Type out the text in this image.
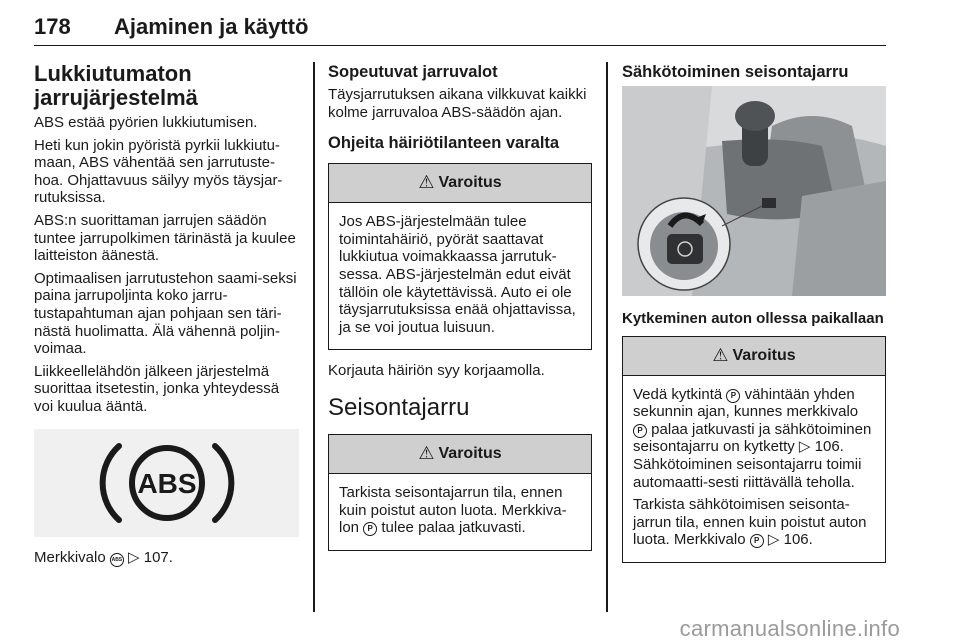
178 Ajaminen ja käyttö
Lukkiutumaton jarrujärjestelmä

ABS estää pyörien lukkiutumisen.

Heti kun jokin pyöristä pyrkii lukkiutu-maan, ABS vähentää sen jarrutuste-hoa. Ohjattavuus säilyy myös täysjar-rutuksissa.

ABS:n suorittaman jarrujen säädön tuntee jarrupolkimen tärinästä ja kuulee laitteiston äänestä.

Optimaalisen jarrutustehon saami-seksi paina jarrupoljinta koko jarru-tustapahtuman ajan pohjaan sen täri-nästä huolimatta. Älä vähennä poljin-voimaa.

Liikkeellelähdön jälkeen järjestelmä suorittaa itsetestin, jonka yhteydessä voi kuulua ääntä.

ABS

Merkkivalo ABS ▷ 107.

Sopeutuvat jarruvalot

Täysjarrutuksen aikana vilkkuvat kaikki kolme jarruvaloa ABS-säädön ajan.

Ohjeita häiriötilanteen varalta
⚠ Varoitus

Jos ABS-järjestelmään tulee toimintahäiriö, pyörät saattavat lukkiutua voimakkaassa jarrutuk-sessa. ABS-järjestelmän edut eivät tällöin ole käytettävissä. Auto ei ole täysjarrutuksissa enää ohjattavissa, ja se voi joutua luisuun.

Korjauta häiriön syy korjaamolla.

Seisontajarru
⚠ Varoitus

Tarkista seisontajarrun tila, ennen kuin poistut auton luota. Merkkiva-lon P tulee palaa jatkuvasti.

Sähkötoiminen seisontajarru
Kytkeminen auton ollessa paikallaan
⚠ Varoitus

Vedä kytkintä P vähintään yhden sekunnin ajan, kunnes merkkivalo P palaa jatkuvasti ja sähkötoiminen seisontajarru on kytketty ▷ 106. Sähkötoiminen seisontajarru toimii automaatti-sesti riittävällä teholla.

Tarkista sähkötoimisen seisonta-jarrun tila, ennen kuin poistut auton luota. Merkkivalo P ▷ 106.

carmanualsonline.info
